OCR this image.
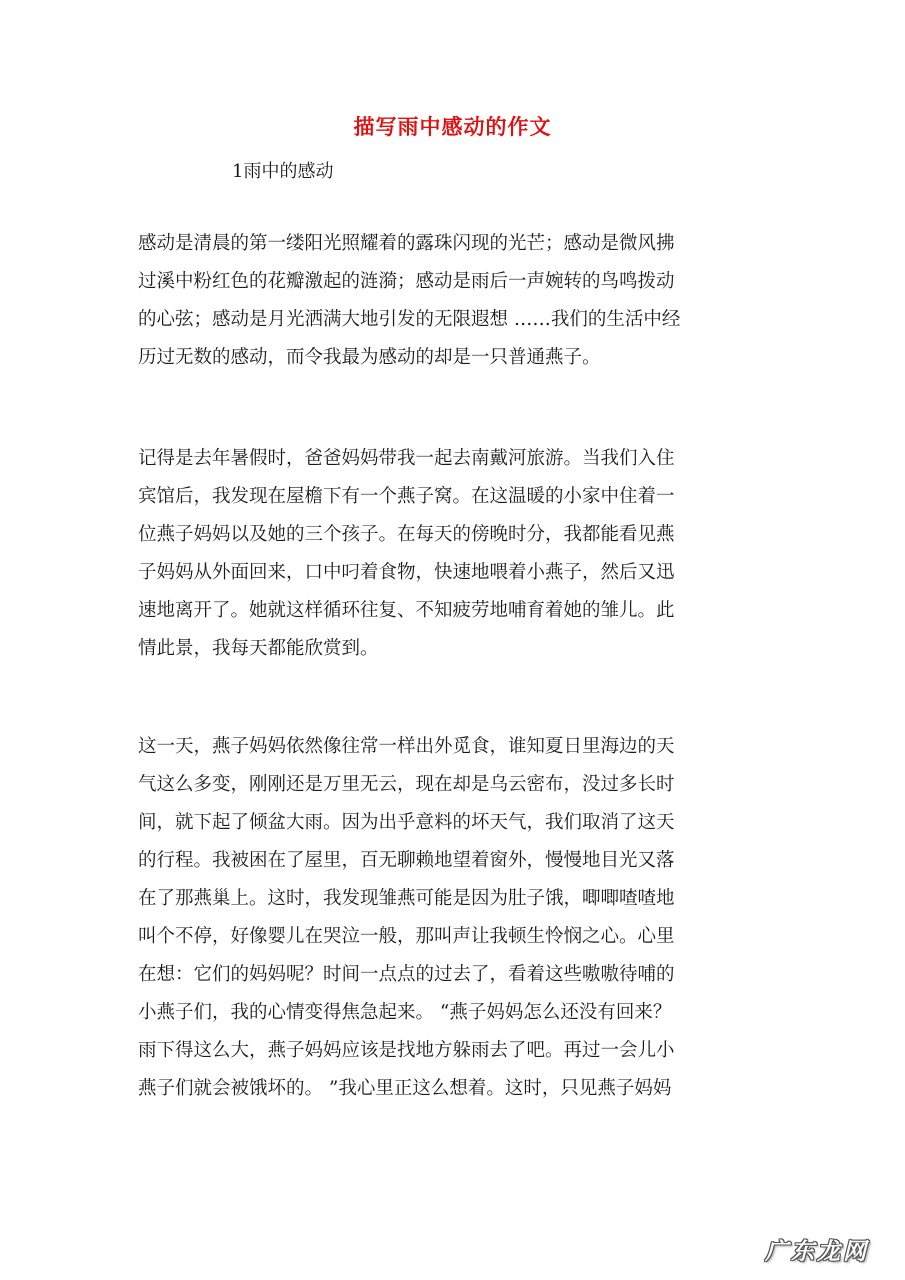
描写雨中感动的作文
1雨中的感动
感动是清晨的第一缕阳光照耀着的露珠闪现的光芒；感动是微风拂
过溪中粉红色的花瓣激起的涟漪；感动是雨后一声婉转的鸟鸣拨动
的心弦；感动是月光洒满大地引发的无限遐想 ……我们的生活中经
历过无数的感动，而令我最为感动的却是一只普通燕子。
记得是去年暑假时，爸爸妈妈带我一起去南戴河旅游。当我们入住
宾馆后，我发现在屋檐下有一个燕子窝。在这温暖的小家中住着一
位燕子妈妈以及她的三个孩子。在每天的傍晚时分，我都能看见燕
子妈妈从外面回来，口中叼着食物，快速地喂着小燕子，然后又迅
速地离开了。她就这样循环往复、不知疲劳地哺育着她的雏儿。此
情此景，我每天都能欣赏到。
这一天，燕子妈妈依然像往常一样出外觅食，谁知夏日里海边的天
气这么多变，刚刚还是万里无云，现在却是乌云密布，没过多长时
间，就下起了倾盆大雨。因为出乎意料的坏天气，我们取消了这天
的行程。我被困在了屋里，百无聊赖地望着窗外，慢慢地目光又落
在了那燕巢上。这时，我发现雏燕可能是因为肚子饿，唧唧喳喳地
叫个不停，好像婴儿在哭泣一般，那叫声让我顿生怜悯之心。心里
在想：它们的妈妈呢？时间一点点的过去了，看着这些嗷嗷待哺的
小燕子们，我的心情变得焦急起来。 “燕子妈妈怎么还没有回来？
雨下得这么大，燕子妈妈应该是找地方躲雨去了吧。再过一会儿小
燕子们就会被饿坏的。 ”我心里正这么想着。这时，只见燕子妈妈
广东龙网
